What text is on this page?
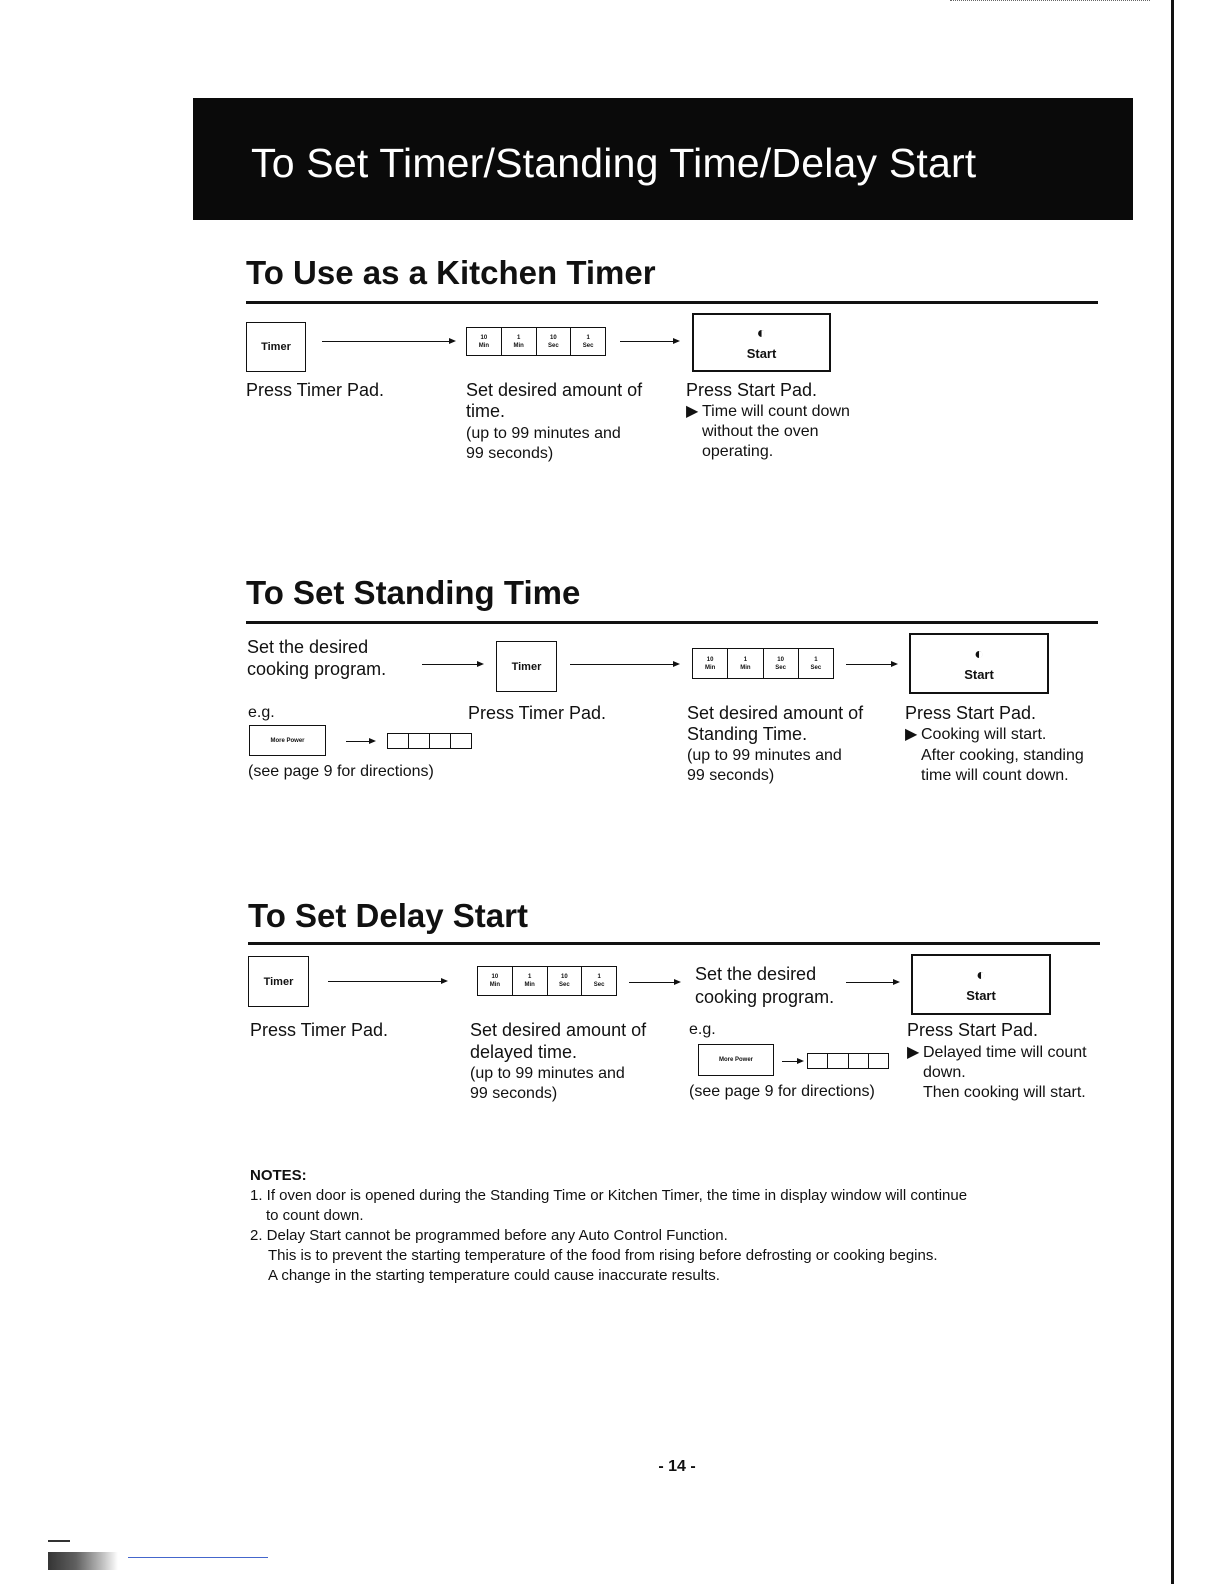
To Set Timer/Standing Time/Delay Start
To Use as a Kitchen Timer
Timer
10
Min
1
Min
10
Sec
1
Sec
◐
Start
Press Timer Pad.	Set desired amount of
time.
(up to 99 minutes and
99 seconds)
Press Start Pad.
▶ Time will count down
without the oven
operating.
To Set Standing Time
Set the desired
cooking program.	Timer
10
Min
1
Min
10
Sec
1
Sec
◐
Start
e.g.
More Power
(see page 9 for directions)
Press Timer Pad.	Set desired amount of
Standing Time.
(up to 99 minutes and
99 seconds)
Press Start Pad.
▶ Cooking will start.
After cooking, standing
time will count down.
To Set Delay Start
Timer	10
Min
1
Min
10
Sec
1
Sec
Set the desired
cooking program.
◐
Start
Press Timer Pad.	Set desired amount of
delayed time.
(up to 99 minutes and
99 seconds)
e.g.
More Power
(see page 9 for directions)
Press Start Pad.
▶ Delayed time will count
down.
Then cooking will start.
NOTES:
1. If oven door is opened during the Standing Time or Kitchen Timer, the time in display window will continue
to count down.
2. Delay Start cannot be programmed before any Auto Control Function.
This is to prevent the starting temperature of the food from rising before defrosting or cooking begins.
A change in the starting temperature could cause inaccurate results.
- 14 -
